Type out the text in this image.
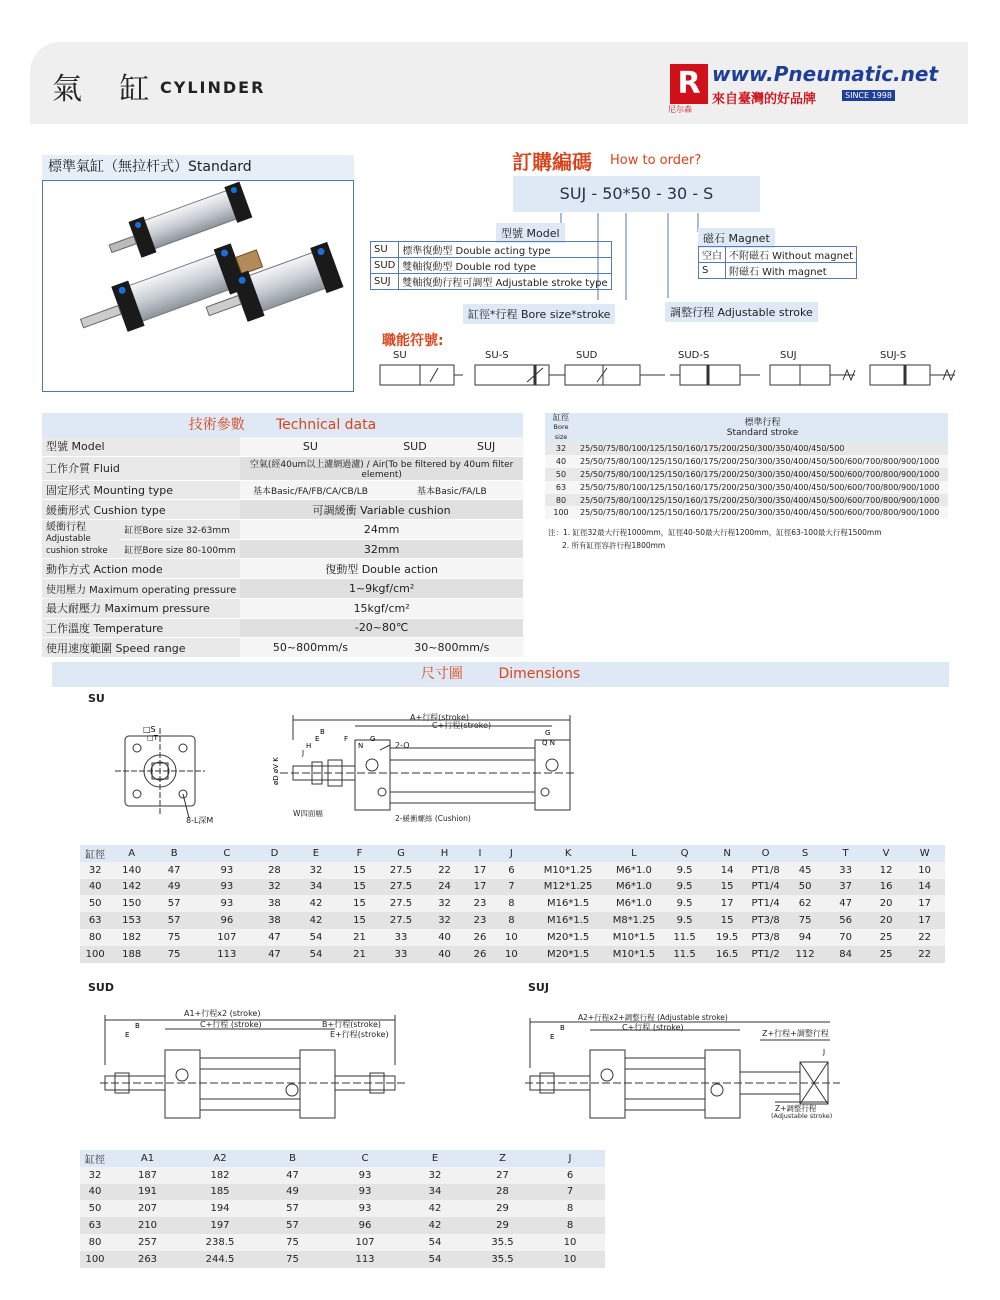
氣 缸
CYLINDER	R
尼尔森
www.Pneumatic.net
來自臺灣的好品牌	SINCE 1998
標準氣缸（無拉杆式）Standard	訂購編碼 How to order?
SUJ - 50*50 - 30 - S
型號 Model
SU	標準復動型 Double acting type
SUD	雙軸復動型 Double rod type
SUJ	雙軸復動行程可調型 Adjustable stroke type
缸徑*行程 Bore size*stroke	調整行程 Adjustable stroke
磁石 Magnet
空白	不附磁石 Without magnet
S	附磁石 With magnet
職能符號:
SU	SU-S	SUD	SUD-S	SUJ	SUJ-S
技術參數 Technical data
型號 Model		SU	SUD	SUJ
工作介質 Fluid		空氣(經40um以上濾網過濾) / Air(To be filtered by 40um filter element)		
固定形式 Mounting type		基本Basic/FA/FB/CA/CB/LB	基本Basic/FA/LB	
緩衝形式 Cushion type		可調緩衝 Variable cushion		
緩衝行程
Adjustable
cushion stroke	缸徑Bore size 32-63mm	24mm		
	缸徑Bore size 80-100mm	32mm		
動作方式 Action mode		復動型 Double action		
使用壓力 Maximum operating pressure		1~9kgf/cm²		
最大耐壓力 Maximum pressure		15kgf/cm²		
工作溫度 Temperature		-20~80℃		
使用速度範圍 Speed range		50~800mm/s	30~800mm/s	
缸徑
Bore size	標準行程
Standard stroke
32	25/50/75/80/100/125/150/160/175/200/250/300/350/400/450/500
40	25/50/75/80/100/125/150/160/175/200/250/300/350/400/450/500/600/700/800/900/1000
50	25/50/75/80/100/125/150/160/175/200/250/300/350/400/450/500/600/700/800/900/1000
63	25/50/75/80/100/125/150/160/175/200/250/300/350/400/450/500/600/700/800/900/1000
80	25/50/75/80/100/125/150/160/175/200/250/300/350/400/450/500/600/700/800/900/1000
100	25/50/75/80/100/125/150/160/175/200/250/300/350/400/450/500/600/700/800/900/1000
注：1. 缸徑32最大行程1000mm，缸徑40-50最大行程1200mm，缸徑63-100最大行程1500mm
2. 所有缸徑容許行程1800mm
尺寸圖	Dimensions
SU
□S
□T
8-L深M
B
E	F	G
H
J
N
G
Q N
øD øV K
A+行程(stroke)
C+行程(stroke)
2-O
W四面幅
2-緩衝螺絲 (Cushion)
缸徑	A	B	C	D	E	F	G	H	I	J	K	L	Q	N	O	S	T	V	W
32	140	47	93	28	32	15	27.5	22	17	6	M10*1.25	M6*1.0	9.5	14	PT1/8	45	33	12	10
40	142	49	93	32	34	15	27.5	24	17	7	M12*1.25	M6*1.0	9.5	15	PT1/4	50	37	16	14
50	150	57	93	38	42	15	27.5	32	23	8	M16*1.5	M6*1.0	9.5	17	PT1/4	62	47	20	17
63	153	57	96	38	42	15	27.5	32	23	8	M16*1.5	M8*1.25	9.5	15	PT3/8	75	56	20	17
80	182	75	107	47	54	21	33	40	26	10	M20*1.5	M10*1.5	11.5	19.5	PT3/8	94	70	25	22
100	188	75	113	47	54	21	33	40	26	10	M20*1.5	M10*1.5	11.5	16.5	PT1/2	112	84	25	22
SUD
B
E
A1+行程x2 (stroke)
C+行程 (stroke)	B+行程(stroke)
E+行程(stroke)
SUJ
B
E
J
A2+行程x2+調整行程 (Adjustable stroke)
C+行程 (stroke)
Z+行程+調整行程
Z+調整行程
(Adjustable stroke)
缸徑	A1	A2	B	C	E	Z	J
32	187	182	47	93	32	27	6
40	191	185	49	93	34	28	7
50	207	194	57	93	42	29	8
63	210	197	57	96	42	29	8
80	257	238.5	75	107	54	35.5	10
100	263	244.5	75	113	54	35.5	10
